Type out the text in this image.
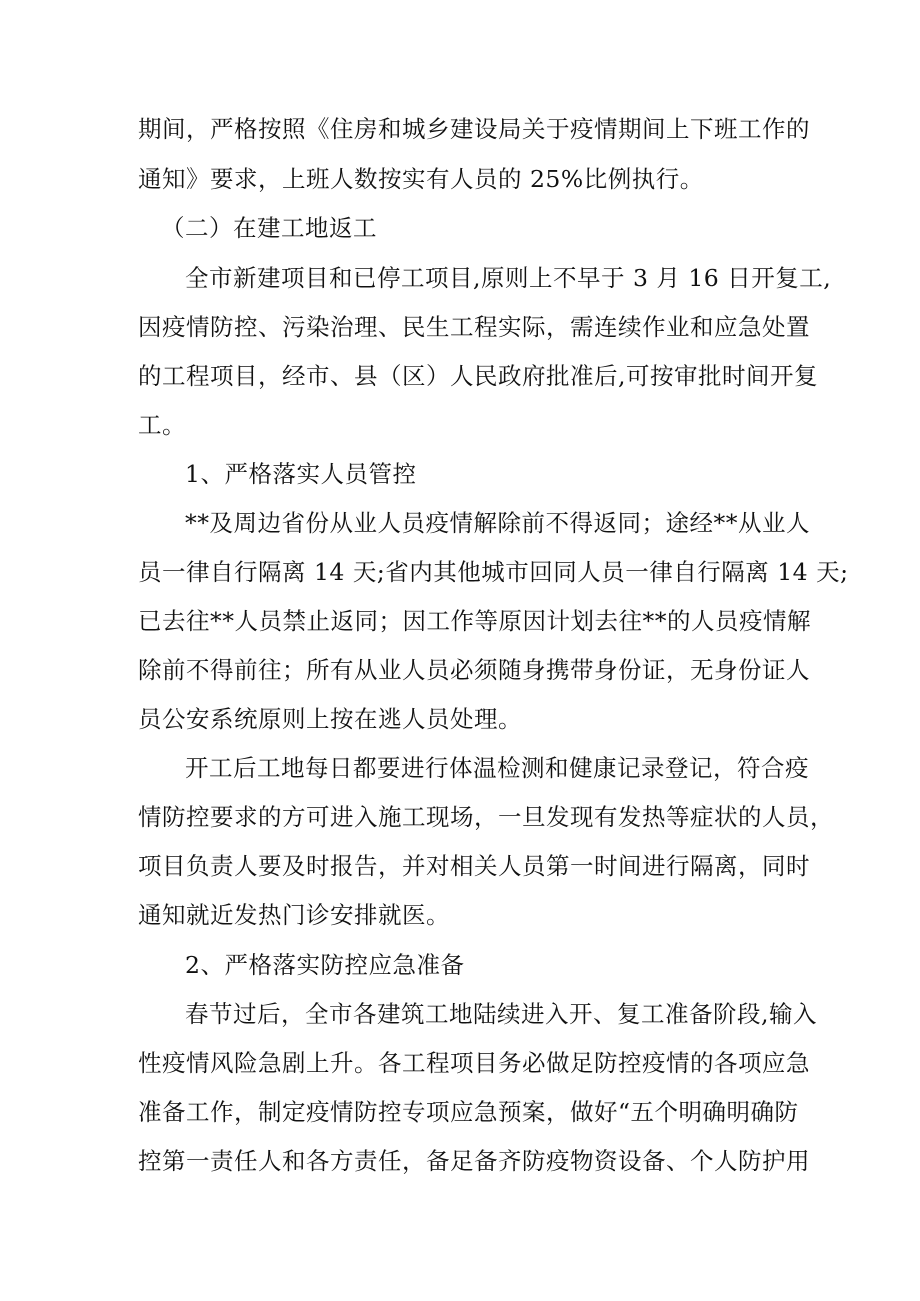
期间，严格按照《住房和城乡建设局关于疫情期间上下班工作的
通知》要求，上班人数按实有人员的 25%比例执行。
（二）在建工地返工
全市新建项目和已停工项目,原则上不早于 3 月 16 日开复工,
因疫情防控、污染治理、民生工程实际，需连续作业和应急处置
的工程项目，经市、县（区）人民政府批准后,可按审批时间开复
工。
1、严格落实人员管控
**及周边省份从业人员疫情解除前不得返同；途经**从业人
员一律自行隔离 14 天;省内其他城市回同人员一律自行隔离 14 天;
已去往**人员禁止返同；因工作等原因计划去往**的人员疫情解
除前不得前往；所有从业人员必须随身携带身份证，无身份证人
员公安系统原则上按在逃人员处理。
开工后工地每日都要进行体温检测和健康记录登记，符合疫
情防控要求的方可进入施工现场，一旦发现有发热等症状的人员，
项目负责人要及时报告，并对相关人员第一时间进行隔离，同时
通知就近发热门诊安排就医。
2、严格落实防控应急准备
春节过后，全市各建筑工地陆续进入开、复工准备阶段,输入
性疫情风险急剧上升。各工程项目务必做足防控疫情的各项应急
准备工作，制定疫情防控专项应急预案，做好“五个明确明确防
控第一责任人和各方责任，备足备齐防疫物资设备、个人防护用
